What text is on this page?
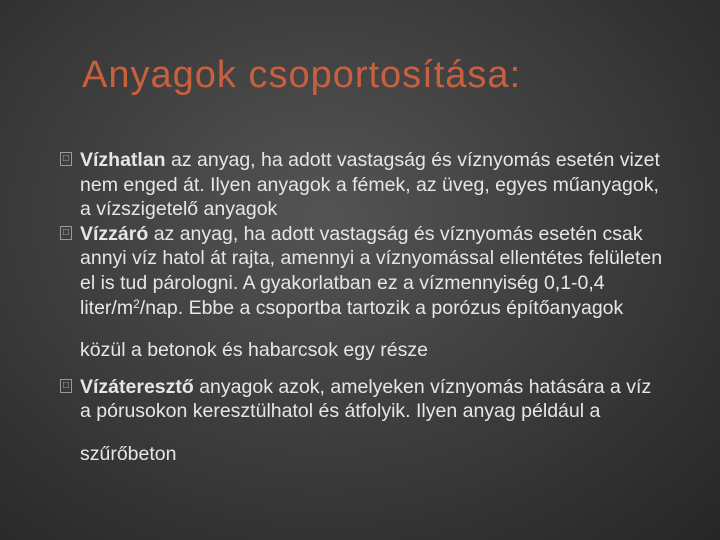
Anyagok csoportosítása:
□ Vízhatlan az anyag, ha adott vastagság és víznyomás esetén vizet
nem enged át. Ilyen anyagok a fémek, az üveg, egyes műanyagok,
a vízszigetelő anyagok
□ Vízzáró az anyag, ha adott vastagság és víznyomás esetén csak
annyi víz hatol át rajta, amennyi a víznyomással ellentétes felületen
el is tud párologni. A gyakorlatban ez a vízmennyiség 0,1-0,4
liter/$m^2$/nap. Ebbe a csoportba tartozik a porózus építőanyagok
közül a betonok és habarcsok egy része
□ Vízáteresztő anyagok azok, amelyeken víznyomás hatására a víz
a pórusokon keresztülhatol és átfolyik. Ilyen anyag például a
szűrőbeton
